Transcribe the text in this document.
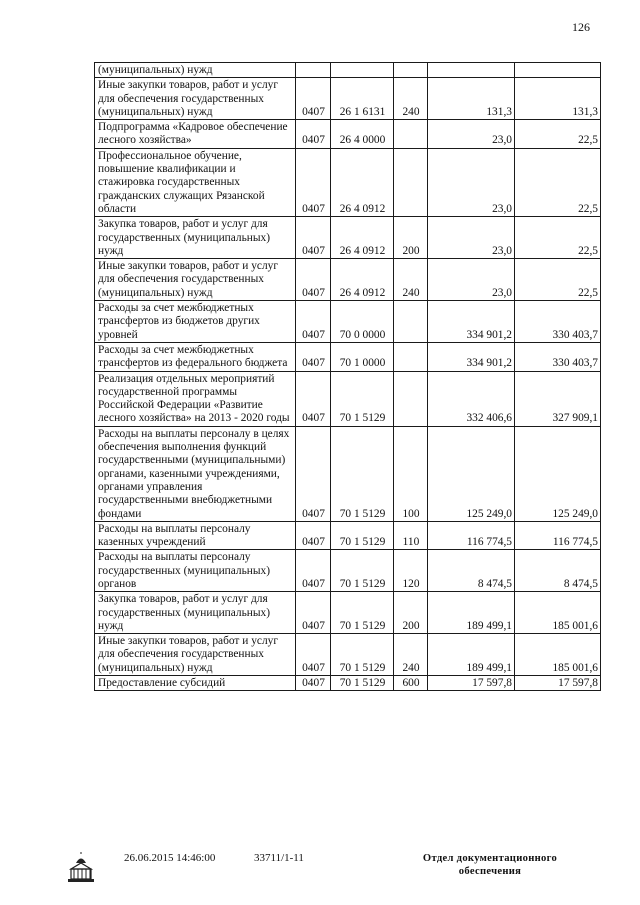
126
(муниципальных) нужд					
Иные закупки товаров, работ и услуг для обеспечения государственных (муниципальных) нужд	0407	26 1 6131	240	131,3	131,3
Подпрограмма «Кадровое обеспечение лесного хозяйства»	0407	26 4 0000		23,0	22,5
Профессиональное обучение, повышение квалификации и стажировка государственных гражданских служащих Рязанской области	0407	26 4 0912		23,0	22,5
Закупка товаров, работ и услуг для государственных (муниципальных) нужд	0407	26 4 0912	200	23,0	22,5
Иные закупки товаров, работ и услуг для обеспечения государственных (муниципальных) нужд	0407	26 4 0912	240	23,0	22,5
Расходы за счет межбюджетных трансфертов из бюджетов других уровней	0407	70 0 0000		334 901,2	330 403,7
Расходы за счет межбюджетных трансфертов из федерального бюджета	0407	70 1 0000		334 901,2	330 403,7
Реализация отдельных мероприятий государственной программы Российской Федерации «Развитие лесного хозяйства» на 2013 - 2020 годы	0407	70 1 5129		332 406,6	327 909,1
Расходы на выплаты персоналу в целях обеспечения выполнения функций государственными (муниципальными) органами, казенными учреждениями, органами управления государственными внебюджетными фондами	0407	70 1 5129	100	125 249,0	125 249,0
Расходы на выплаты персоналу казенных учреждений	0407	70 1 5129	110	116 774,5	116 774,5
Расходы на выплаты персоналу государственных (муниципальных) органов	0407	70 1 5129	120	8 474,5	8 474,5
Закупка товаров, работ и услуг для государственных (муниципальных) нужд	0407	70 1 5129	200	189 499,1	185 001,6
Иные закупки товаров, работ и услуг для обеспечения государственных (муниципальных) нужд	0407	70 1 5129	240	189 499,1	185 001,6
Предоставление субсидий	0407	70 1 5129	600	17 597,8	17 597,8
26.06.2015 14:46:00	33711/1-11	Отдел документационного обеспечения
